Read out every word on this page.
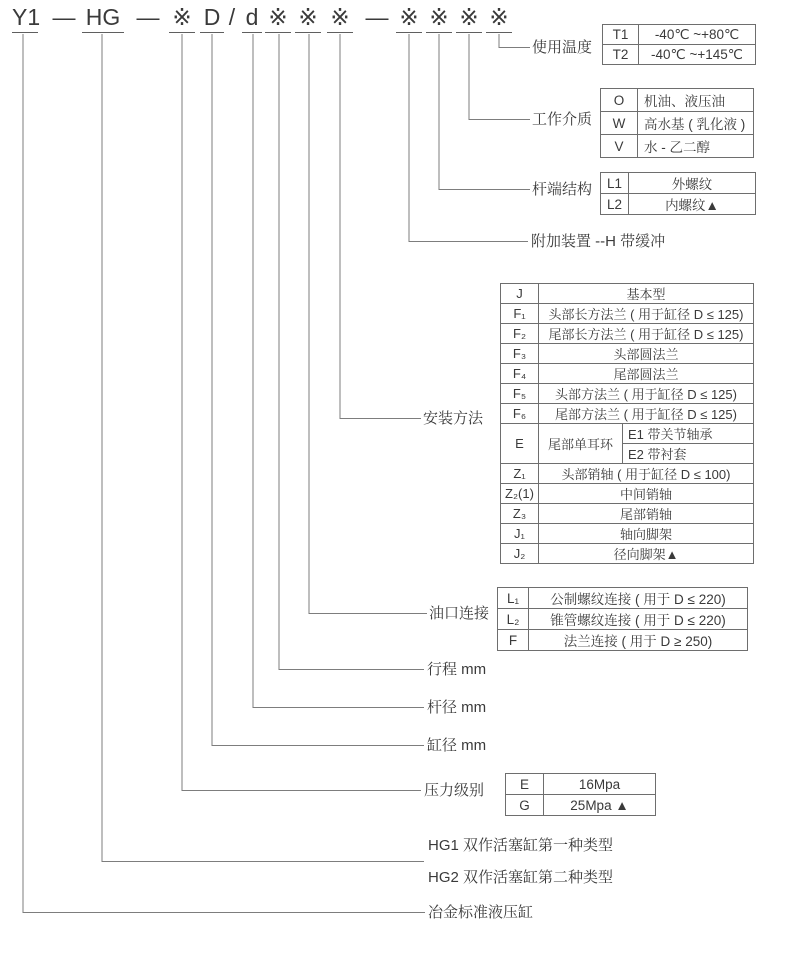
Y1 — HG — ※ D / d ※ ※ ※ — ※ ※ ※ ※
使用温度
工作介质
杆端结构
附加装置 --H 带缓冲
安装方法
油口连接
行程 mm
杆径 mm
缸径 mm
压力级别
HG1 双作活塞缸第一种类型
HG2 双作活塞缸第二种类型
冶金标准液压缸
T1	-40℃ ~+80℃
T2	-40℃ ~+145℃
O	机油、液压油
W	高水基 ( 乳化液 )
V	水 - 乙二醇
L1	外螺纹
L2	内螺纹▲
J	基本型	
F₁	头部长方法兰 ( 用于缸径 D ≤ 125)	
F₂	尾部长方法兰 ( 用于缸径 D ≤ 125)	
F₃	头部圆法兰	
F₄	尾部圆法兰	
F₅	头部方法兰 ( 用于缸径 D ≤ 125)	
F₆	尾部方法兰 ( 用于缸径 D ≤ 125)	
E	尾部单耳环	E1 带关节轴承
		E2 带衬套
Z₁	头部销轴 ( 用于缸径 D ≤ 100)	
Z₂(1)	中间销轴	
Z₃	尾部销轴	
J₁	轴向脚架	
J₂	径向脚架▲	
L₁	公制螺纹连接 ( 用于 D ≤ 220)
L₂	锥管螺纹连接 ( 用于 D ≤ 220)
F	法兰连接 ( 用于 D ≥ 250)
E	16Mpa
G	25Mpa ▲
